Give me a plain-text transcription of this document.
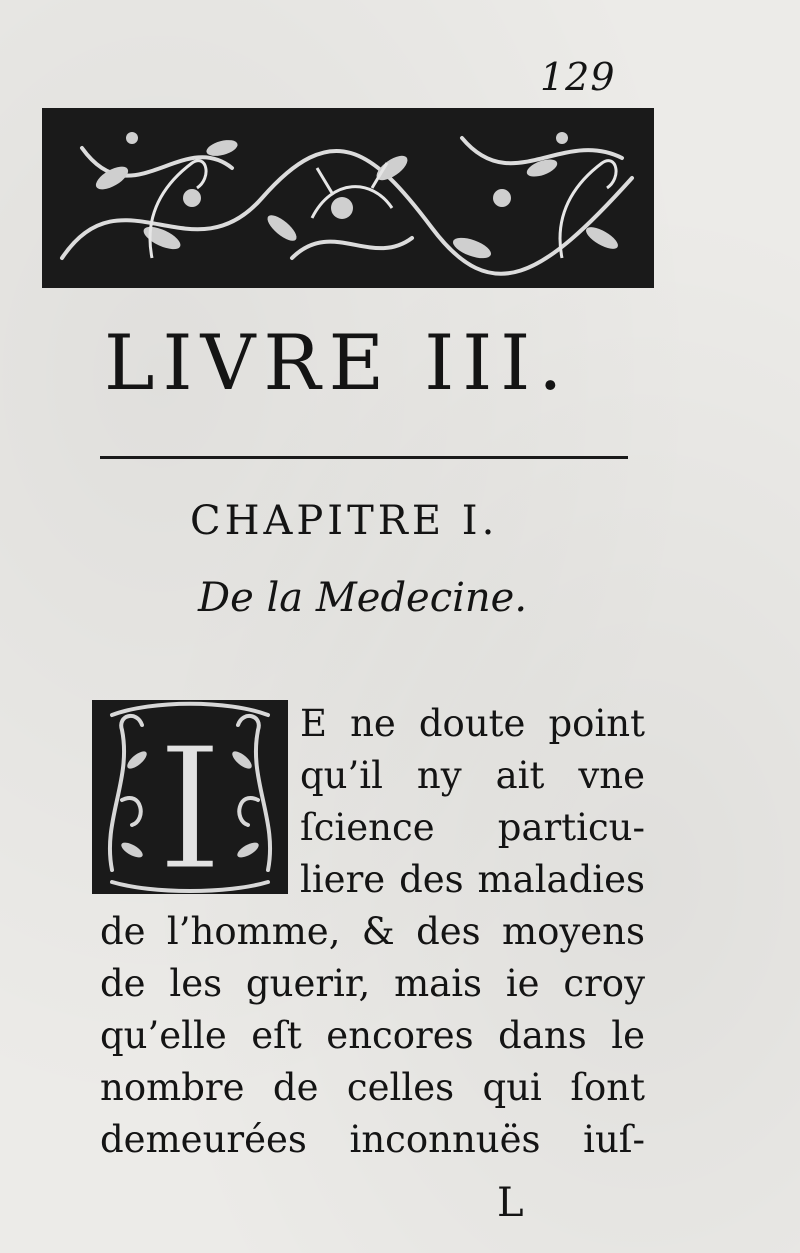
129
LIVRE III.
CHAPITRE I.
De la Medecine.
I E ne doute point
qu’il ny ait vne
ſcience particu-
liere des maladies
de l’homme, & des moyens
de les guerir, mais ie croy
qu’elle eſt encores dans le
nombre de celles qui ſont
demeurées inconnuës iuſ-
L
